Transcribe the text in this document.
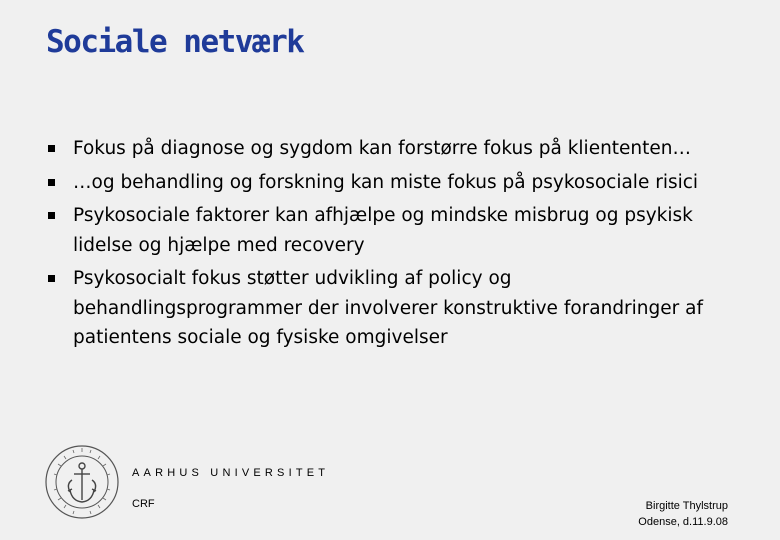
Sociale netværk
Fokus på diagnose og sygdom kan forstørre fokus på kliententen…
…og behandling og forskning kan miste fokus på psykosociale risici
Psykosociale faktorer kan afhjælpe og mindske misbrug og psykisk lidelse og hjælpe med recovery
Psykosocialt fokus støtter udvikling af policy og behandlingsprogrammer der involverer konstruktive forandringer af patientens sociale og fysiske omgivelser
AARHUS UNIVERSITET
CRF	Birgitte Thylstrup
Odense, d.11.9.08
